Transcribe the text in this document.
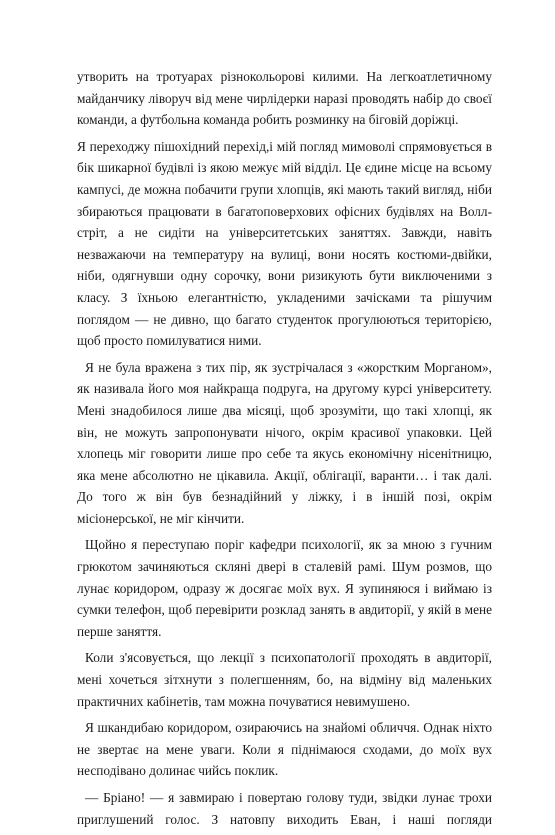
утворить на тротуарах різнокольорові килими. На легкоатлетичному майданчику ліворуч від мене чирлідерки наразі проводять набір до своєї команди, а футбольна команда робить розминку на біговій доріжці.

Я переходжу пішохідний перехід,і мій погляд мимоволі спрямовується в бік шикарної будівлі із якою межує мій відділ. Це єдине місце на всьому кампусі, де можна побачити групи хлопців, які мають такий вигляд, ніби збираються працювати в багатоповерхових офісних будівлях на Волл-стріт, а не сидіти на університетських заняттях. Завжди, навіть незважаючи на температуру на вулиці, вони носять костюми-двійки, ніби, одягнувши одну сорочку, вони ризикують бути виключеними з класу. З їхньою елегантністю, укладеними зачісками та рішучим поглядом — не дивно, що багато студенток прогулюються територією, щоб просто помилуватися ними.

Я не була вражена з тих пір, як зустрічалася з «жорстким Морганом», як називала його моя найкраща подруга, на другому курсі університету. Мені знадобилося лише два місяці, щоб зрозуміти, що такі хлопці, як він, не можуть запропонувати нічого, окрім красивої упаковки. Цей хлопець міг говорити лише про себе та якусь економічну нісенітницю, яка мене абсолютно не цікавила. Акції, облігації, варанти… і так далі. До того ж він був безнадійний у ліжку, і в іншій позі, окрім місіонерської, не міг кінчити.

Щойно я переступаю поріг кафедри психології, як за мною з гучним грюкотом зачиняються скляні двері в сталевій рамі. Шум розмов, що лунає коридором, одразу ж досягає моїх вух. Я зупиняюся і виймаю із сумки телефон, щоб перевірити розклад занять в авдиторії, у якій в мене перше заняття.

Коли з'ясовується, що лекції з психопатології проходять в авдиторії, мені хочеться зітхнути з полегшенням, бо, на відміну від маленьких практичних кабінетів, там можна почуватися невимушено.

Я шкандибаю коридором, озираючись на знайомі обличчя. Однак ніхто не звертає на мене уваги. Коли я піднімаюся сходами, до моїх вух несподівано долинає чийсь поклик.

— Бріано! — я завмираю і повертаю голову туди, звідки лунає трохи приглушений голос. З натовпу виходить Еван, і наші погляди
